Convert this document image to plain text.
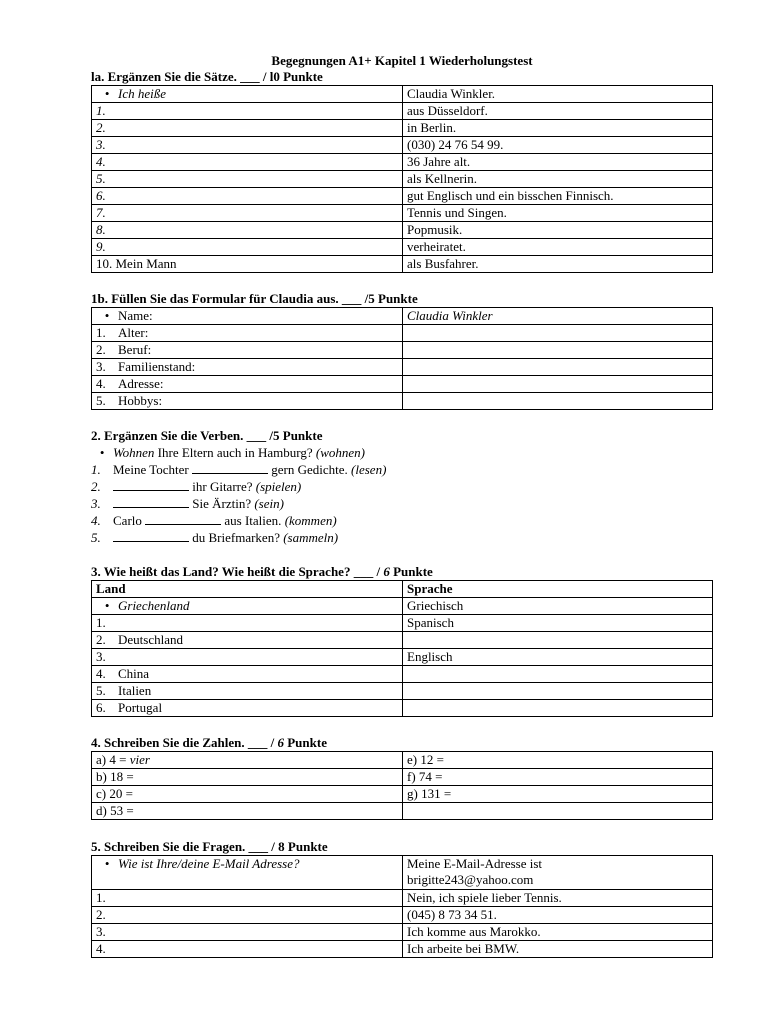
Begegnungen A1+ Kapitel 1 Wiederholungstest
la. Ergänzen Sie die Sätze. ___ / l0 Punkte
• Ich heiße	Claudia Winkler.
1.	aus Düsseldorf.
2.	in Berlin.
3.	(030) 24 76 54 99.
4.	36 Jahre alt.
5.	als Kellnerin.
6.	gut Englisch und ein bisschen Finnisch.
7.	Tennis und Singen.
8.	Popmusik.
9.	verheiratet.
10. Mein Mann	als Busfahrer.
1b. Füllen Sie das Formular für Claudia aus. ___ /5 Punkte
• Name:	Claudia Winkler
1. Alter:	
2. Beruf:	
3. Familienstand:	
4. Adresse:	
5. Hobbys:	
2. Ergänzen Sie die Verben. ___ /5 Punkte
• Wohnen Ihre Eltern auch in Hamburg? (wohnen)
1. Meine Tochter	gern Gedichte. (lesen)
2.	ihr Gitarre? (spielen)
3.	Sie Ärztin? (sein)
4. Carlo	aus Italien. (kommen)
5.	du Briefmarken? (sammeln)
3. Wie heißt das Land? Wie heißt die Sprache? ___ / 6 Punkte
Land	Sprache
• Griechenland	Griechisch
1.	Spanisch
2. Deutschland	
3.	Englisch
4. China	
5. Italien	
6. Portugal	
4. Schreiben Sie die Zahlen. ___ / 6 Punkte
a) 4 = vier	e) 12 =
b) 18 =	f) 74 =
c) 20 =	g) 131 =
d) 53 =	
5. Schreiben Sie die Fragen. ___ / 8 Punkte
• Wie ist Ihre/deine E-Mail Adresse?	Meine E-Mail-Adresse ist
brigitte243@yahoo.com

1.	Nein, ich spiele lieber Tennis.
2.	(045) 8 73 34 51.
3.	Ich komme aus Marokko.
4.	Ich arbeite bei BMW.
